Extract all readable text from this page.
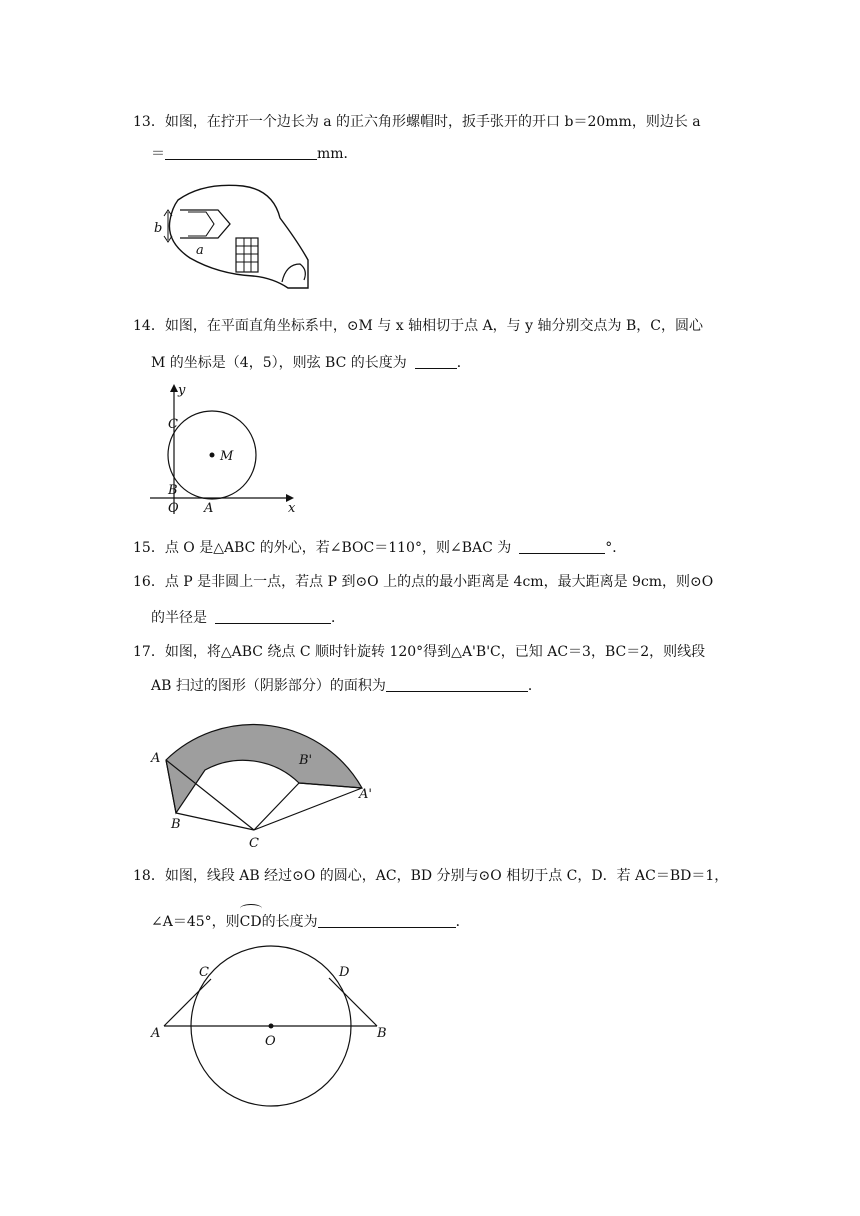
13．如图，在拧开一个边长为 a 的正六角形螺帽时，扳手张开的开口 b＝20mm，则边长 a
＝	mm．
b
a
14．如图，在平面直角坐标系中，⊙M 与 x 轴相切于点 A，与 y 轴分别交点为 B，C，圆心
M 的坐标是（4，5），则弦 BC 的长度为	．
y
x
C
M
B
O A
15．点 O 是△ABC 的外心，若∠BOC＝110°，则∠BAC 为	°．
16．点 P 是非圆上一点，若点 P 到⊙O 上的点的最小距离是 4cm，最大距离是 9cm，则⊙O
的半径是	．
17．如图，将△ABC 绕点 C 顺时针旋转 120°得到△A'B'C，已知 AC＝3，BC＝2，则线段
AB 扫过的图形（阴影部分）的面积为	．
A
B
C
B'
A'
18．如图，线段 AB 经过⊙O 的圆心，AC，BD 分别与⊙O 相切于点 C，D．若 AC＝BD＝1，
∠A＝45°，则
CD的长度为	．
A
C	D
B
O
